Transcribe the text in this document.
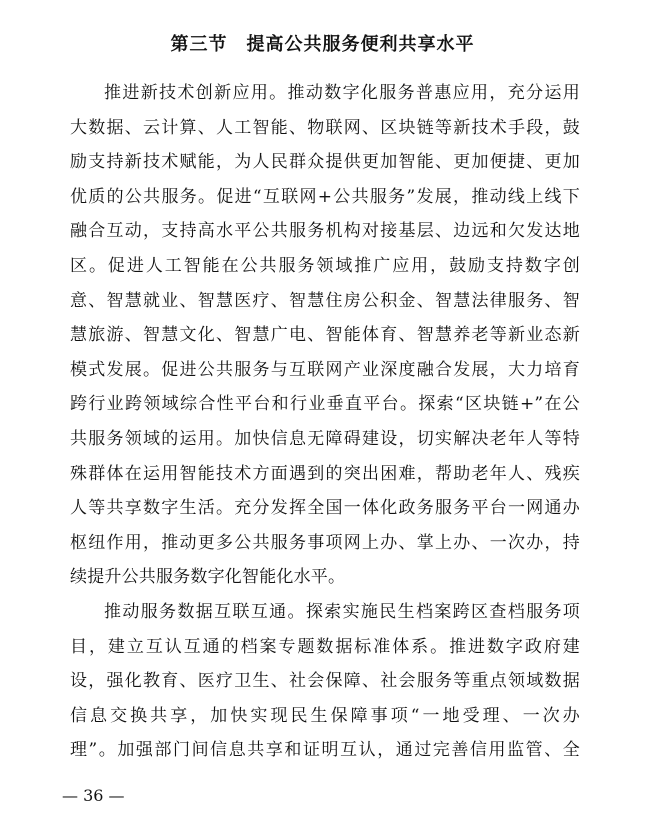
第三节　提高公共服务便利共享水平
推进新技术创新应用。推动数字化服务普惠应用，充分运用
大数据、云计算、人工智能、物联网、区块链等新技术手段，鼓
励支持新技术赋能，为人民群众提供更加智能、更加便捷、更加
优质的公共服务。促进“互联网+公共服务”发展，推动线上线下
融合互动，支持高水平公共服务机构对接基层、边远和欠发达地
区。促进人工智能在公共服务领域推广应用，鼓励支持数字创
意、智慧就业、智慧医疗、智慧住房公积金、智慧法律服务、智
慧旅游、智慧文化、智慧广电、智能体育、智慧养老等新业态新
模式发展。促进公共服务与互联网产业深度融合发展，大力培育
跨行业跨领域综合性平台和行业垂直平台。探索“区块链+”在公
共服务领域的运用。加快信息无障碍建设，切实解决老年人等特
殊群体在运用智能技术方面遇到的突出困难，帮助老年人、残疾
人等共享数字生活。充分发挥全国一体化政务服务平台一网通办
枢纽作用，推动更多公共服务事项网上办、掌上办、一次办，持
续提升公共服务数字化智能化水平。
推动服务数据互联互通。探索实施民生档案跨区查档服务项
目，建立互认互通的档案专题数据标准体系。推进数字政府建
设，强化教育、医疗卫生、社会保障、社会服务等重点领域数据
信息交换共享，加快实现民生保障事项“一地受理、一次办
理”。加强部门间信息共享和证明互认，通过完善信用监管、全
— 36 —
